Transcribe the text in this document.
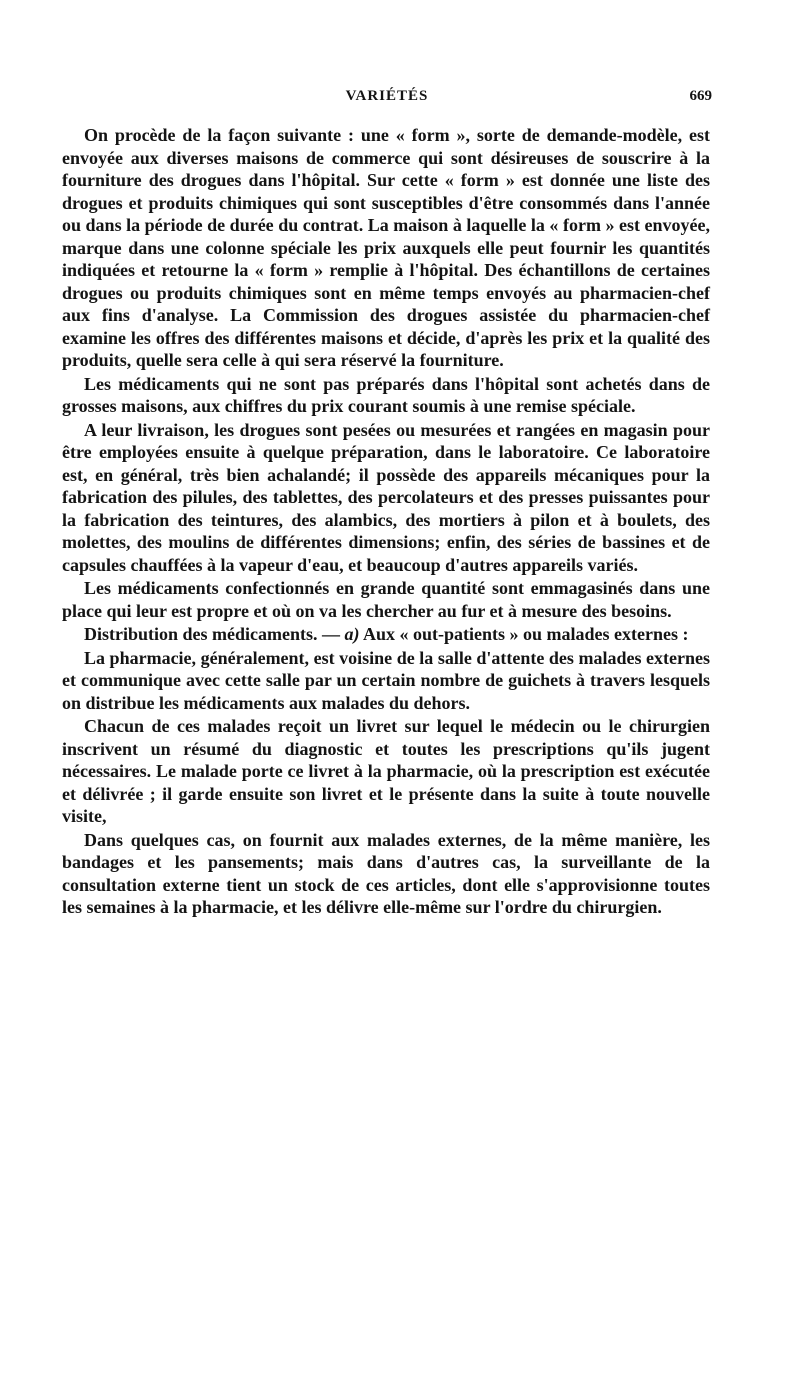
VARIÉTÉS	669

On procède de la façon suivante : une « form », sorte de demande-modèle, est envoyée aux diverses maisons de commerce qui sont désireuses de souscrire à la fourniture des drogues dans l'hôpital. Sur cette « form » est donnée une liste des drogues et produits chimiques qui sont susceptibles d'être consommés dans l'année ou dans la période de durée du contrat. La maison à laquelle la « form » est envoyée, marque dans une colonne spéciale les prix auxquels elle peut fournir les quantités indiquées et retourne la « form » remplie à l'hôpital. Des échantillons de certaines drogues ou produits chimiques sont en même temps envoyés au pharmacien-chef aux fins d'analyse. La Commission des drogues assistée du pharmacien-chef examine les offres des différentes maisons et décide, d'après les prix et la qualité des produits, quelle sera celle à qui sera réservé la fourniture.

Les médicaments qui ne sont pas préparés dans l'hôpital sont achetés dans de grosses maisons, aux chiffres du prix courant soumis à une remise spéciale.

A leur livraison, les drogues sont pesées ou mesurées et rangées en magasin pour être employées ensuite à quelque préparation, dans le laboratoire. Ce laboratoire est, en général, très bien achalandé; il possède des appareils mécaniques pour la fabrication des pilules, des tablettes, des percolateurs et des presses puissantes pour la fabrication des teintures, des alambics, des mortiers à pilon et à boulets, des molettes, des moulins de différentes dimensions; enfin, des séries de bassines et de capsules chauffées à la vapeur d'eau, et beaucoup d'autres appareils variés.

Les médicaments confectionnés en grande quantité sont emmagasinés dans une place qui leur est propre et où on va les chercher au fur et à mesure des besoins.

Distribution des médicaments. — a) Aux « out-patients » ou malades externes :

La pharmacie, généralement, est voisine de la salle d'attente des malades externes et communique avec cette salle par un certain nombre de guichets à travers lesquels on distribue les médicaments aux malades du dehors.

Chacun de ces malades reçoit un livret sur lequel le médecin ou le chirurgien inscrivent un résumé du diagnostic et toutes les prescriptions qu'ils jugent nécessaires. Le malade porte ce livret à la pharmacie, où la prescription est exécutée et délivrée ; il garde ensuite son livret et le présente dans la suite à toute nouvelle visite,

Dans quelques cas, on fournit aux malades externes, de la même manière, les bandages et les pansements; mais dans d'autres cas, la surveillante de la consultation externe tient un stock de ces articles, dont elle s'approvisionne toutes les semaines à la pharmacie, et les délivre elle-même sur l'ordre du chirurgien.
